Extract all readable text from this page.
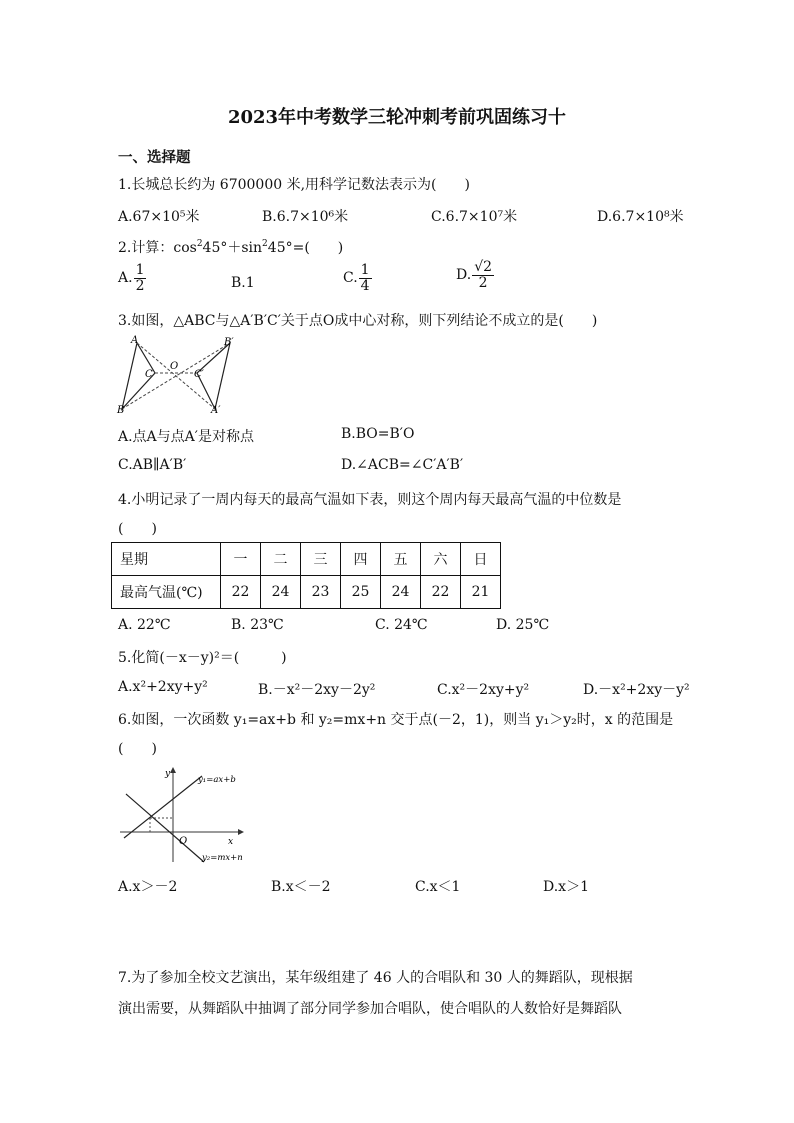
2023年中考数学三轮冲刺考前巩固练习十
一、选择题
1.长城总长约为 6700000 米,用科学记数法表示为(　　)
A.67×10⁵米	B.6.7×10⁶米	C.6.7×10⁷米	D.6.7×10⁸米
2.计算：$\cos^245^\circ+\sin^245^\circ=$(　　)
A. $\frac{1}{2}$	B.1	C. $\frac{1}{4}$	D. $\frac{√2}{2}$
3.如图，△ABC与△A′B′C′关于点O成中心对称，则下列结论不成立的是(　　)
A
B
C
O
A′
B′
C′
A.点A与点A′是对称点	B.BO=B′O
C.AB∥A′B′	D.∠ACB=∠C′A′B′
4.小明记录了一周内每天的最高气温如下表，则这个周内每天最高气温的中位数是
(　　)
星期	一	二	三	四	五	六	日
最高气温(℃)	22	24	23	25	24	22	21
A. 22℃	B. 23℃	C. 24℃	D. 25℃
5.化简(－x－y)²＝(　　　)
A.x²+2xy+y²	B.－x²－2xy－2y²	C.x²－2xy+y²	D.－x²+2xy－y²
6.如图，一次函数 y₁=ax+b 和 y₂=mx+n 交于点(－2，1)，则当 y₁＞y₂时，x 的范围是
(　　)
y₁=ax+b
y₂=mx+n
x
y
O
A.x＞－2	B.x＜－2	C.x＜1	D.x＞1
7.为了参加全校文艺演出，某年级组建了 46 人的合唱队和 30 人的舞蹈队，现根据
演出需要，从舞蹈队中抽调了部分同学参加合唱队，使合唱队的人数恰好是舞蹈队
